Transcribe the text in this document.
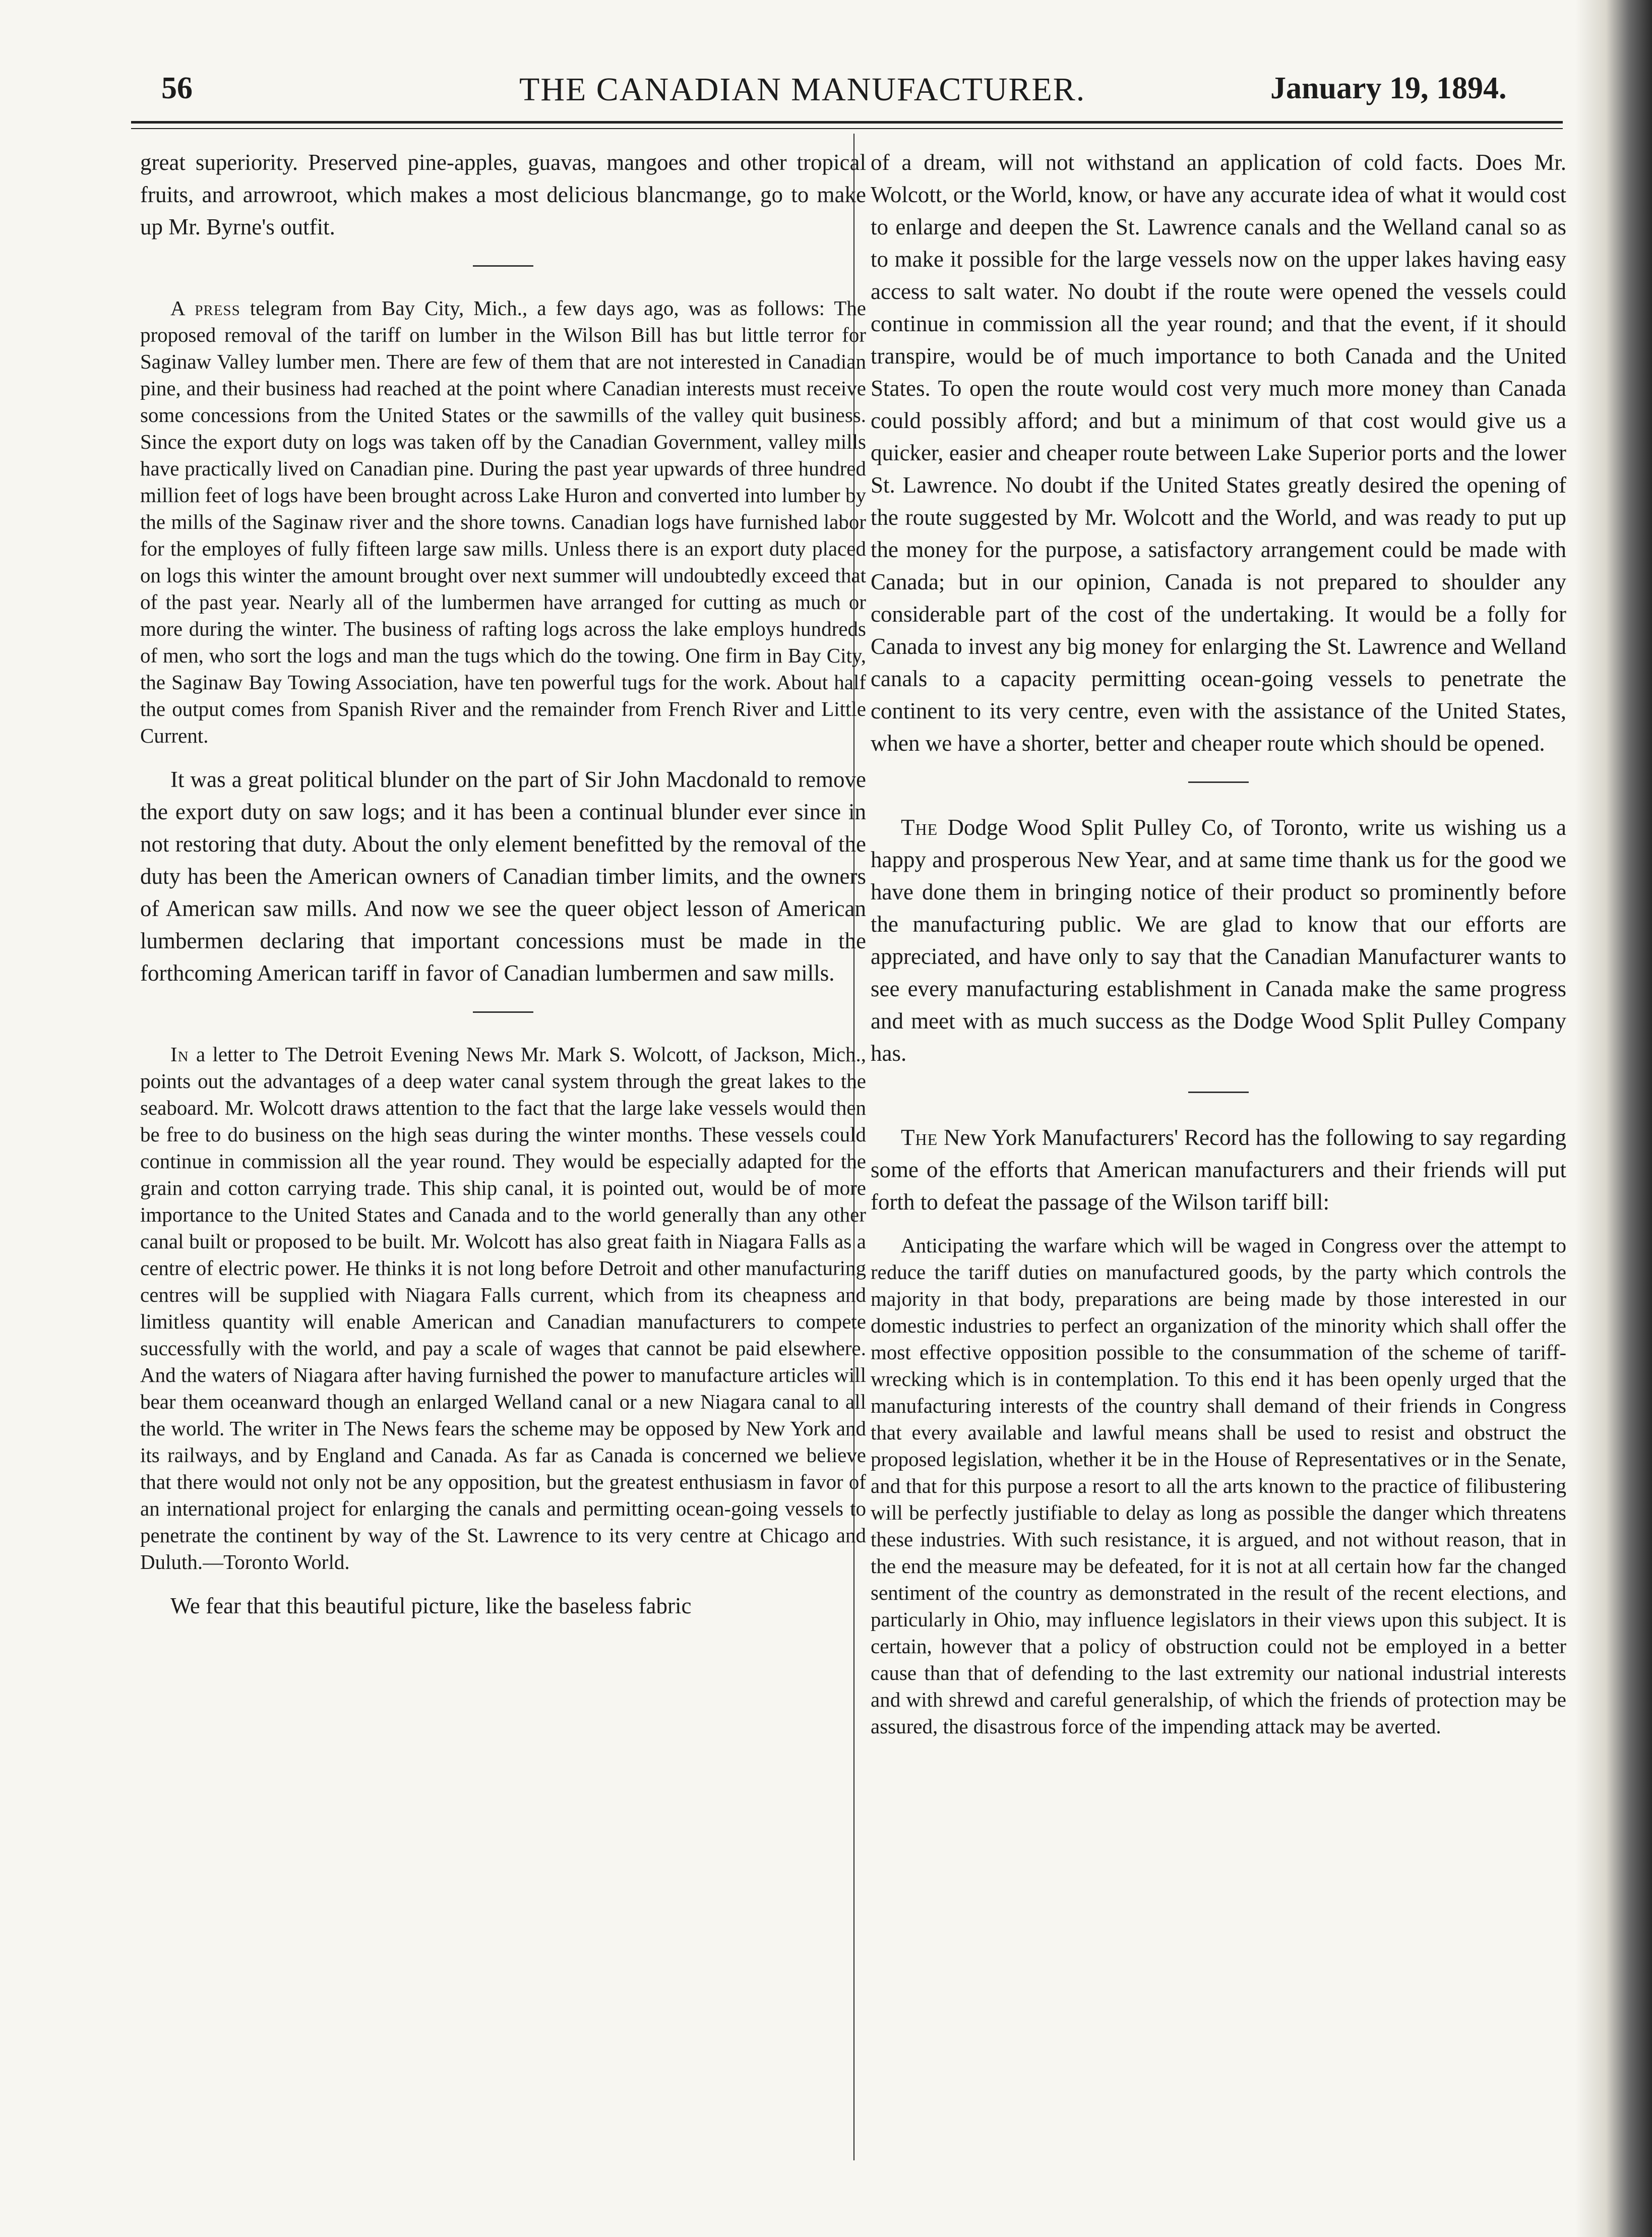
56	THE CANADIAN MANUFACTURER.	January 19, 1894.

great superiority. Preserved pine-apples, guavas, mangoes and other tropical fruits, and arrowroot, which makes a most delicious blancmange, go to make up Mr. Byrne's outfit.

A press telegram from Bay City, Mich., a few days ago, was as follows: The proposed removal of the tariff on lumber in the Wilson Bill has but little terror for Saginaw Valley lumber men. There are few of them that are not interested in Canadian pine, and their business had reached at the point where Canadian interests must receive some concessions from the United States or the sawmills of the valley quit business. Since the export duty on logs was taken off by the Canadian Government, valley mills have practically lived on Canadian pine. During the past year upwards of three hundred million feet of logs have been brought across Lake Huron and converted into lumber by the mills of the Saginaw river and the shore towns. Canadian logs have furnished labor for the employes of fully fifteen large saw mills. Unless there is an export duty placed on logs this winter the amount brought over next summer will undoubtedly exceed that of the past year. Nearly all of the lumbermen have arranged for cutting as much or more during the winter. The business of rafting logs across the lake employs hundreds of men, who sort the logs and man the tugs which do the towing. One firm in Bay City, the Saginaw Bay Towing Association, have ten powerful tugs for the work. About half the output comes from Spanish River and the remainder from French River and Little Current.

It was a great political blunder on the part of Sir John Macdonald to remove the export duty on saw logs; and it has been a continual blunder ever since in not restoring that duty. About the only element benefitted by the removal of the duty has been the American owners of Canadian timber limits, and the owners of American saw mills. And now we see the queer object lesson of American lumbermen declaring that important concessions must be made in the forthcoming American tariff in favor of Canadian lumbermen and saw mills.

In a letter to The Detroit Evening News Mr. Mark S. Wolcott, of Jackson, Mich., points out the advantages of a deep water canal system through the great lakes to the seaboard. Mr. Wolcott draws attention to the fact that the large lake vessels would then be free to do business on the high seas during the winter months. These vessels could continue in commission all the year round. They would be especially adapted for the grain and cotton carrying trade. This ship canal, it is pointed out, would be of more importance to the United States and Canada and to the world generally than any other canal built or proposed to be built. Mr. Wolcott has also great faith in Niagara Falls as a centre of electric power. He thinks it is not long before Detroit and other manufacturing centres will be supplied with Niagara Falls current, which from its cheapness and limitless quantity will enable American and Canadian manufacturers to compete successfully with the world, and pay a scale of wages that cannot be paid elsewhere. And the waters of Niagara after having furnished the power to manufacture articles will bear them oceanward though an enlarged Welland canal or a new Niagara canal to all the world. The writer in The News fears the scheme may be opposed by New York and its railways, and by England and Canada. As far as Canada is concerned we believe that there would not only not be any opposition, but the greatest enthusiasm in favor of an international project for enlarging the canals and permitting ocean-going vessels to penetrate the continent by way of the St. Lawrence to its very centre at Chicago and Duluth.—Toronto World.

We fear that this beautiful picture, like the baseless fabric

of a dream, will not withstand an application of cold facts. Does Mr. Wolcott, or the World, know, or have any accurate idea of what it would cost to enlarge and deepen the St. Lawrence canals and the Welland canal so as to make it possible for the large vessels now on the upper lakes having easy access to salt water. No doubt if the route were opened the vessels could continue in commission all the year round; and that the event, if it should transpire, would be of much importance to both Canada and the United States. To open the route would cost very much more money than Canada could possibly afford; and but a minimum of that cost would give us a quicker, easier and cheaper route between Lake Superior ports and the lower St. Lawrence. No doubt if the United States greatly desired the opening of the route suggested by Mr. Wolcott and the World, and was ready to put up the money for the purpose, a satisfactory arrangement could be made with Canada; but in our opinion, Canada is not prepared to shoulder any considerable part of the cost of the undertaking. It would be a folly for Canada to invest any big money for enlarging the St. Lawrence and Welland canals to a capacity permitting ocean-going vessels to penetrate the continent to its very centre, even with the assistance of the United States, when we have a shorter, better and cheaper route which should be opened.

The Dodge Wood Split Pulley Co, of Toronto, write us wishing us a happy and prosperous New Year, and at same time thank us for the good we have done them in bringing notice of their product so prominently before the manufacturing public. We are glad to know that our efforts are appreciated, and have only to say that the Canadian Manufacturer wants to see every manufacturing establishment in Canada make the same progress and meet with as much success as the Dodge Wood Split Pulley Company has.

The New York Manufacturers' Record has the following to say regarding some of the efforts that American manufacturers and their friends will put forth to defeat the passage of the Wilson tariff bill:

Anticipating the warfare which will be waged in Congress over the attempt to reduce the tariff duties on manufactured goods, by the party which controls the majority in that body, preparations are being made by those interested in our domestic industries to perfect an organization of the minority which shall offer the most effective opposition possible to the consummation of the scheme of tariff-wrecking which is in contemplation. To this end it has been openly urged that the manufacturing interests of the country shall demand of their friends in Congress that every available and lawful means shall be used to resist and obstruct the proposed legislation, whether it be in the House of Representatives or in the Senate, and that for this purpose a resort to all the arts known to the practice of filibustering will be perfectly justifiable to delay as long as possible the danger which threatens these industries. With such resistance, it is argued, and not without reason, that in the end the measure may be defeated, for it is not at all certain how far the changed sentiment of the country as demonstrated in the result of the recent elections, and particularly in Ohio, may influence legislators in their views upon this subject. It is certain, however that a policy of obstruction could not be employed in a better cause than that of defending to the last extremity our national industrial interests and with shrewd and careful generalship, of which the friends of protection may be assured, the disastrous force of the impending attack may be averted.
